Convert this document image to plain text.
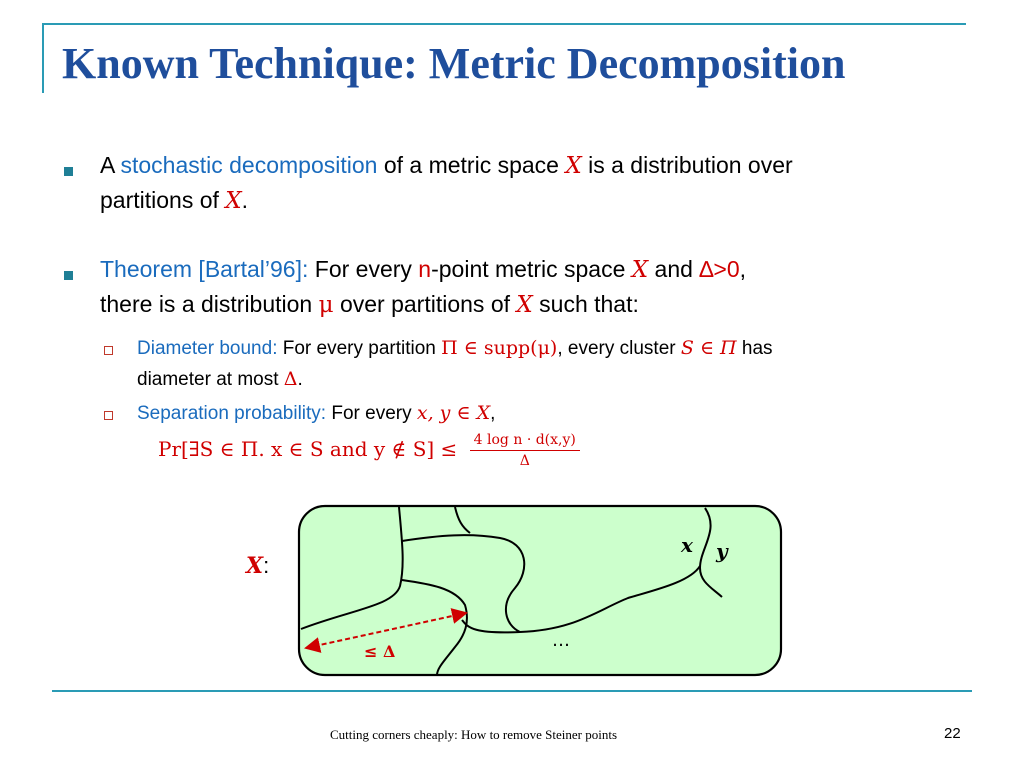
Known Technique: Metric Decomposition
A stochastic decomposition of a metric space X is a distribution over
partitions of X.
Theorem [Bartal’96]: For every n-point metric space X and ∆>0,
there is a distribution μ over partitions of X such that:
Diameter bound: For every partition Π ∈ supp(μ), every cluster S ∈ Π has
diameter at most Δ.
Separation probability: For every x, y ∈ X,
Pr[∃S ∈ Π. x ∈ S and y ∉ $S] \le \frac{\text{4 log n · d(x,y)}}{\Delta}$
X:
x y
…
≤ Δ
Cutting corners cheaply: How to remove Steiner points	22
